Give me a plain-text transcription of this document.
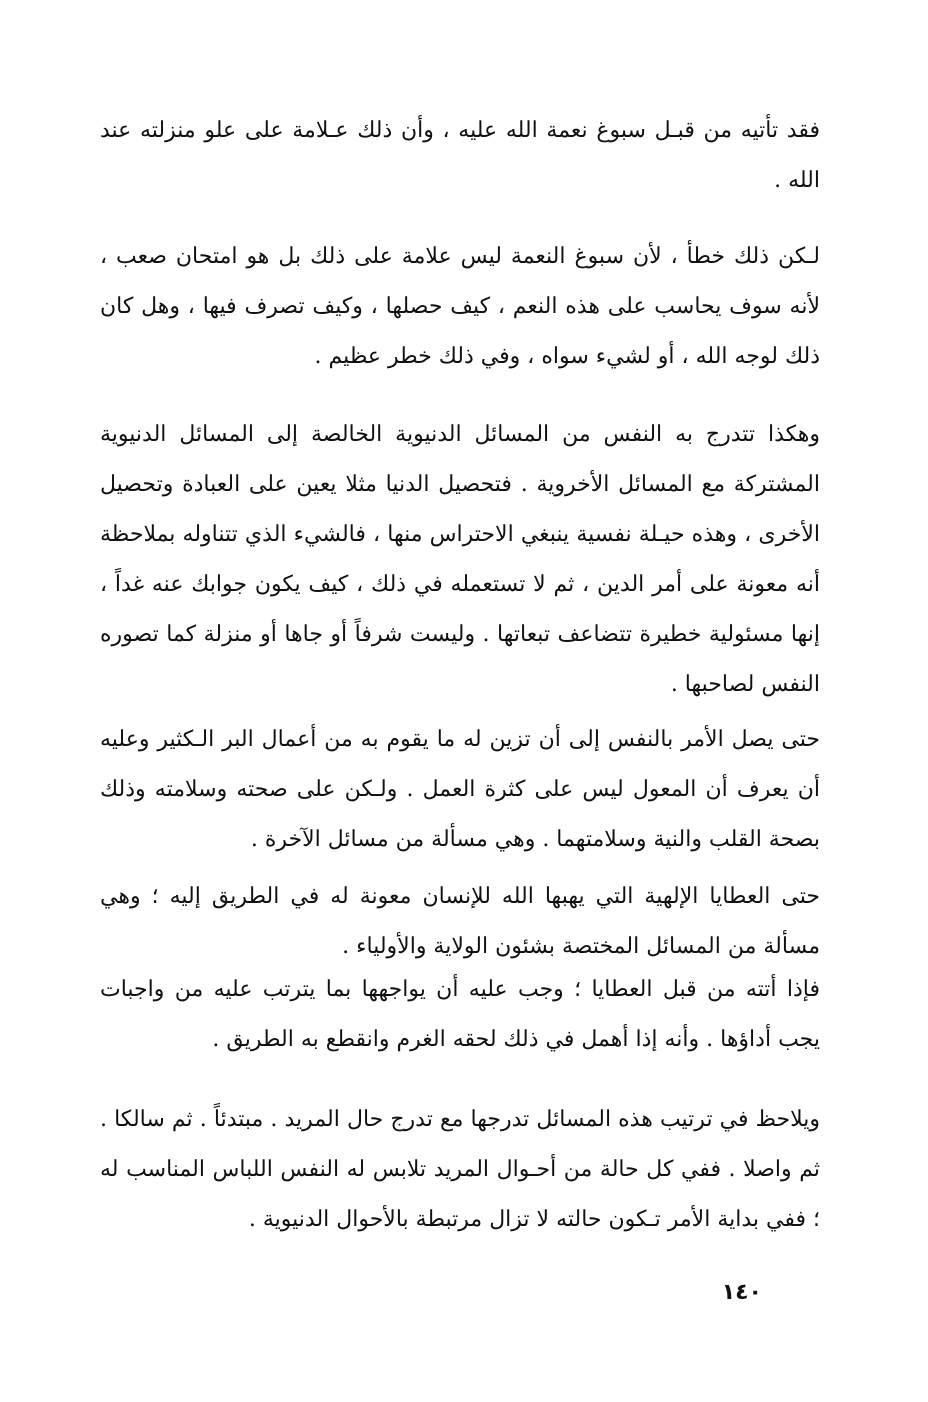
فقد تأتيه من قبـل سبوغ نعمة الله عليه ، وأن ذلك عـلامة على علو منزلته عند الله .

لـكن ذلك خطأ ، لأن سبوغ النعمة ليس علامة على ذلك بل هو امتحان صعب ، لأنه سوف يحاسب على هذه النعم ، كيف حصلها ، وكيف تصرف فيها ، وهل كان ذلك لوجه الله ، أو لشيء سواه ، وفي ذلك خطر عظيم .

وهكذا تتدرج به النفس من المسائل الدنيوية الخالصة إلى المسائل الدنيوية المشتركة مع المسائل الأخروية . فتحصيل الدنيا مثلا يعين على العبادة وتحصيل الأخرى ، وهذه حيـلة نفسية ينبغي الاحتراس منها ، فالشيء الذي تتناوله بملاحظة أنه معونة على أمر الدين ، ثم لا تستعمله في ذلك ، كيف يكون جوابك عنه غداً ، إنها مسئولية خطيرة تتضاعف تبعاتها . وليست شرفاً أو جاها أو منزلة كما تصوره النفس لصاحبها .

حتى يصل الأمر بالنفس إلى أن تزين له ما يقوم به من أعمال البر الـكثير وعليه أن يعرف أن المعول ليس على كثرة العمل . ولـكن على صحته وسلامته وذلك بصحة القلب والنية وسلامتهما . وهي مسألة من مسائل الآخرة .

حتى العطايا الإلهية التي يهبها الله للإنسان معونة له في الطريق إليه ؛ وهي مسألة من المسائل المختصة بشئون الولاية والأولياء .

فإذا أتته من قبل العطايا ؛ وجب عليه أن يواجهها بما يترتب عليه من واجبات يجب أداؤها . وأنه إذا أهمل في ذلك لحقه الغرم وانقطع به الطريق .

ويلاحظ في ترتيب هذه المسائل تدرجها مع تدرج حال المريد . مبتدئاً . ثم سالكا . ثم واصلا . ففي كل حالة من أحـوال المريد تلابس له النفس اللباس المناسب له ؛ ففي بداية الأمر تـكون حالته لا تزال مرتبطة بالأحوال الدنيوية .

١٤٠
